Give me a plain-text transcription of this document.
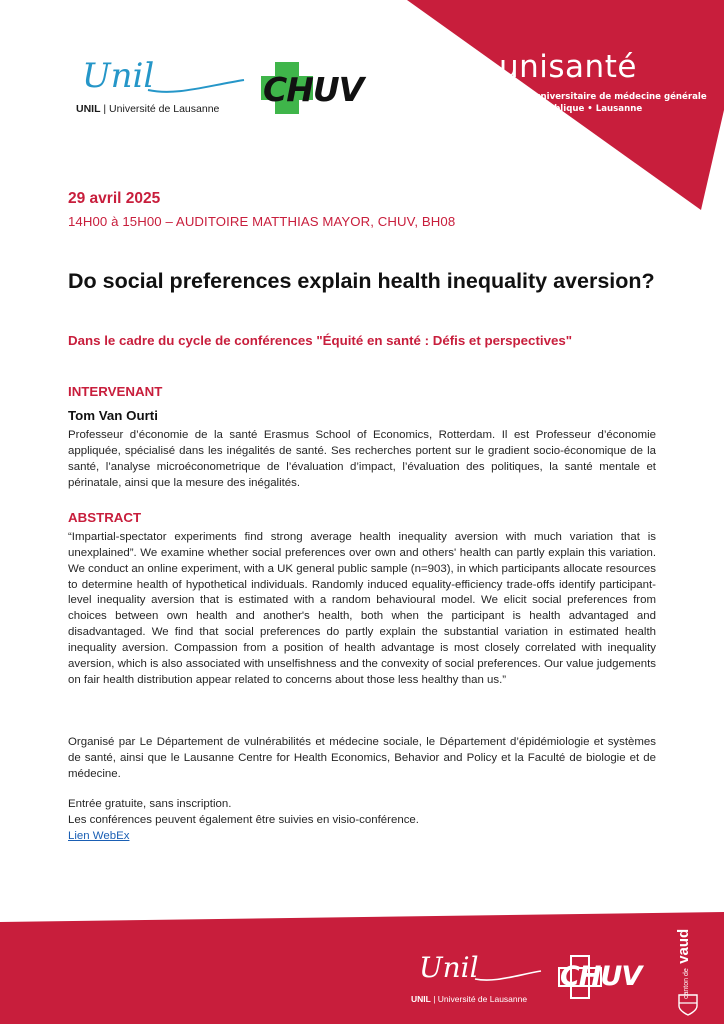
Unil
UNIL | Université de Lausanne CHUV
unisanté
Centre universitaire de médecine générale
et santé publique • Lausanne
29 avril 2025
14H00 à 15H00 – AUDITOIRE MATTHIAS MAYOR, CHUV, BH08
Do social preferences explain health inequality aversion?
Dans le cadre du cycle de conférences "Équité en santé : Défis et perspectives"
INTERVENANT
Tom Van Ourti
Professeur d’économie de la santé Erasmus School of Economics, Rotterdam. Il est Professeur d’économie appliquée, spécialisé dans les inégalités de santé. Ses recherches portent sur le gradient socio-économique de la santé, l’analyse microéconometrique de l’évaluation d’impact, l’évaluation des politiques, la santé mentale et périnatale, ainsi que la mesure des inégalités.
ABSTRACT
“Impartial-spectator experiments find strong average health inequality aversion with much variation that is unexplained”. We examine whether social preferences over own and others' health can partly explain this variation. We conduct an online experiment, with a UK general public sample (n=903), in which participants allocate resources to determine health of hypothetical individuals. Randomly induced equality-efficiency trade-offs identify participant-level inequality aversion that is estimated with a random behavioural model. We elicit social preferences from choices between own health and another's health, both when the participant is health advantaged and disadvantaged. We find that social preferences do partly explain the substantial variation in estimated health inequality aversion. Compassion from a position of health advantage is most closely correlated with inequality aversion, which is also associated with unselfishness and the convexity of social preferences. Our value judgements on fair health distribution appear related to concerns about those less healthy than us.”
Organisé par Le Département de vulnérabilités et médecine sociale, le Département d’épidémiologie et systèmes de santé, ainsi que le Lausanne Centre for Health Economics, Behavior and Policy et la Faculté de biologie et de médecine.
Entrée gratuite, sans inscription.
Les conférences peuvent également être suivies en visio-conférence.
Lien WebEx
Unil
UNIL | Université de Lausanne
CHUV	canton de vaud
